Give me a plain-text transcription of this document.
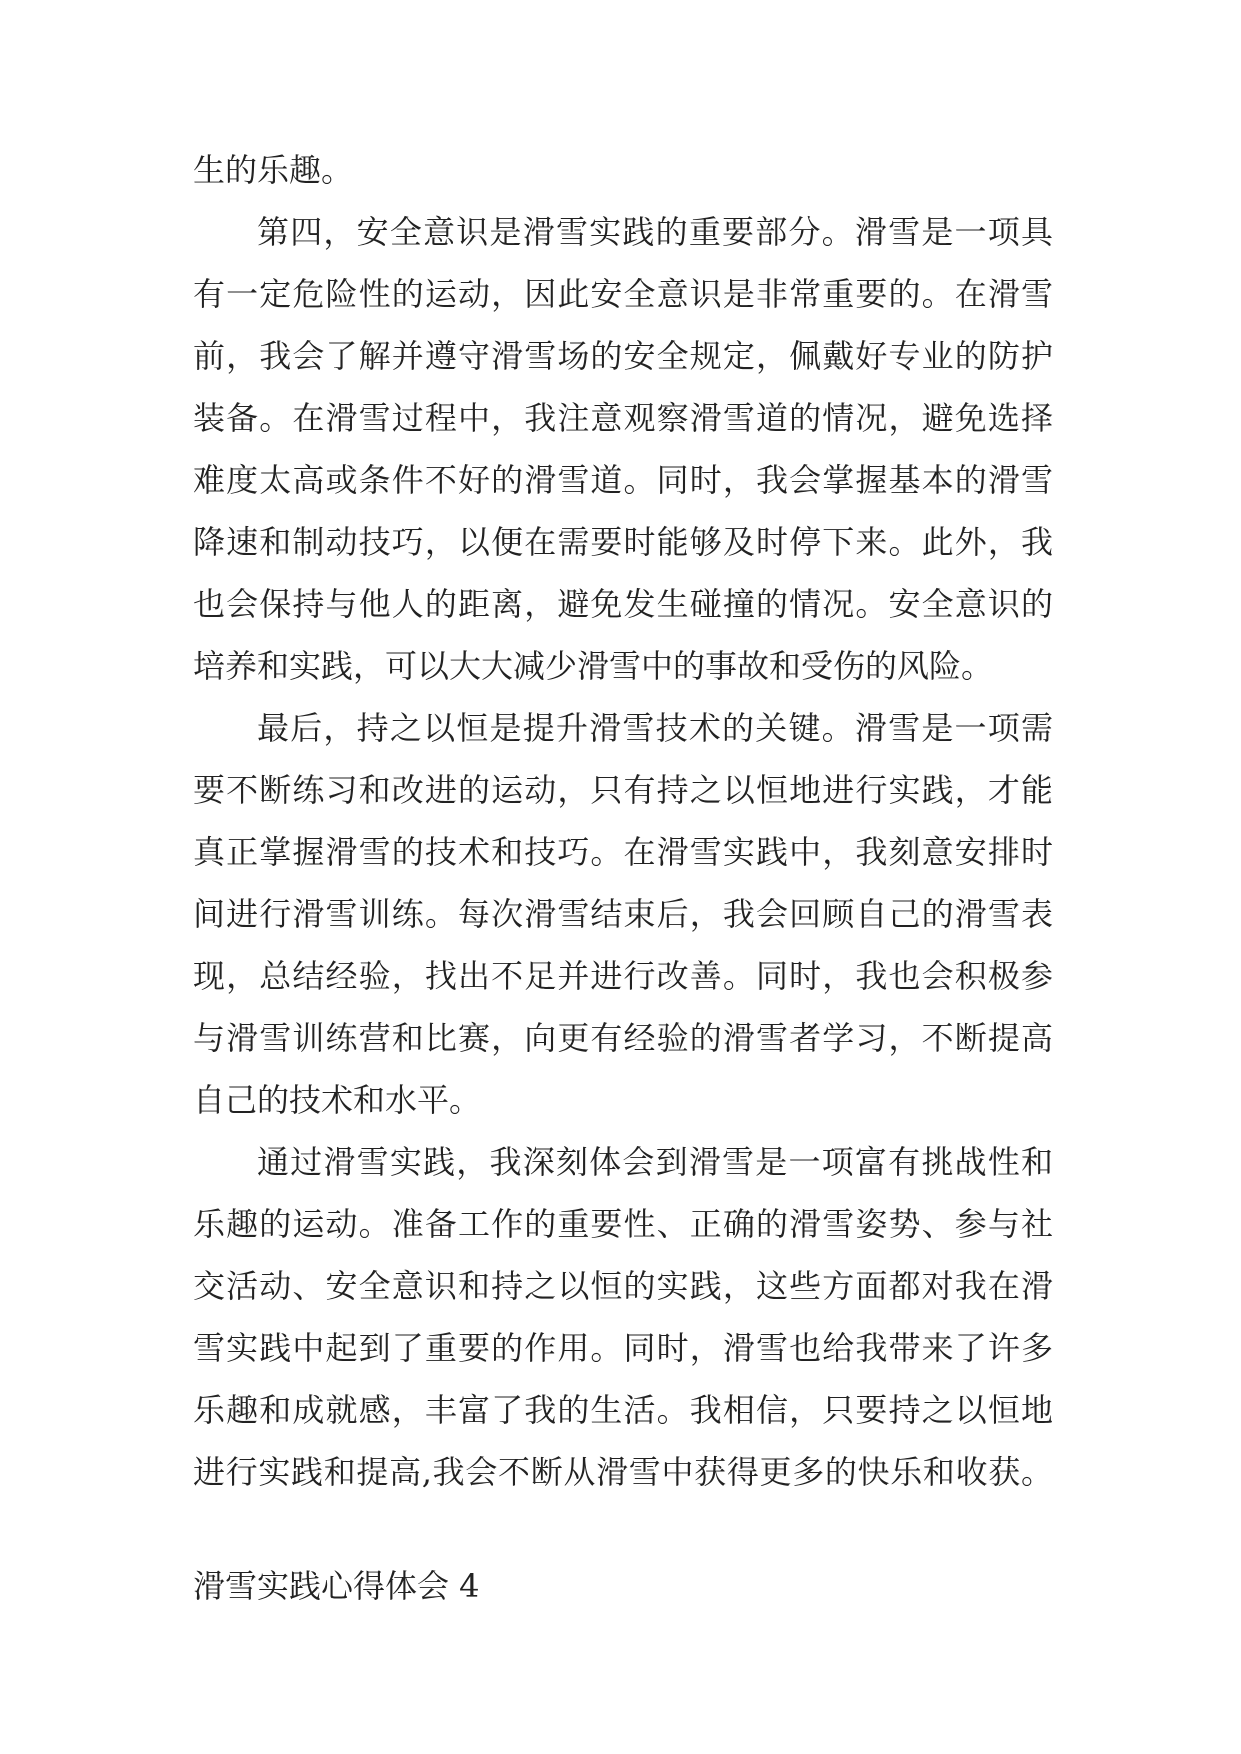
生的乐趣。
第四，安全意识是滑雪实践的重要部分。滑雪是一项具
有一定危险性的运动，因此安全意识是非常重要的。在滑雪
前，我会了解并遵守滑雪场的安全规定，佩戴好专业的防护
装备。在滑雪过程中，我注意观察滑雪道的情况，避免选择
难度太高或条件不好的滑雪道。同时，我会掌握基本的滑雪
降速和制动技巧，以便在需要时能够及时停下来。此外，我
也会保持与他人的距离，避免发生碰撞的情况。安全意识的
培养和实践，可以大大减少滑雪中的事故和受伤的风险。
最后，持之以恒是提升滑雪技术的关键。滑雪是一项需
要不断练习和改进的运动，只有持之以恒地进行实践，才能
真正掌握滑雪的技术和技巧。在滑雪实践中，我刻意安排时
间进行滑雪训练。每次滑雪结束后，我会回顾自己的滑雪表
现，总结经验，找出不足并进行改善。同时，我也会积极参
与滑雪训练营和比赛，向更有经验的滑雪者学习，不断提高
自己的技术和水平。
通过滑雪实践，我深刻体会到滑雪是一项富有挑战性和
乐趣的运动。准备工作的重要性、正确的滑雪姿势、参与社
交活动、安全意识和持之以恒的实践，这些方面都对我在滑
雪实践中起到了重要的作用。同时，滑雪也给我带来了许多
乐趣和成就感，丰富了我的生活。我相信，只要持之以恒地
进行实践和提高,我会不断从滑雪中获得更多的快乐和收获。
滑雪实践心得体会 4
